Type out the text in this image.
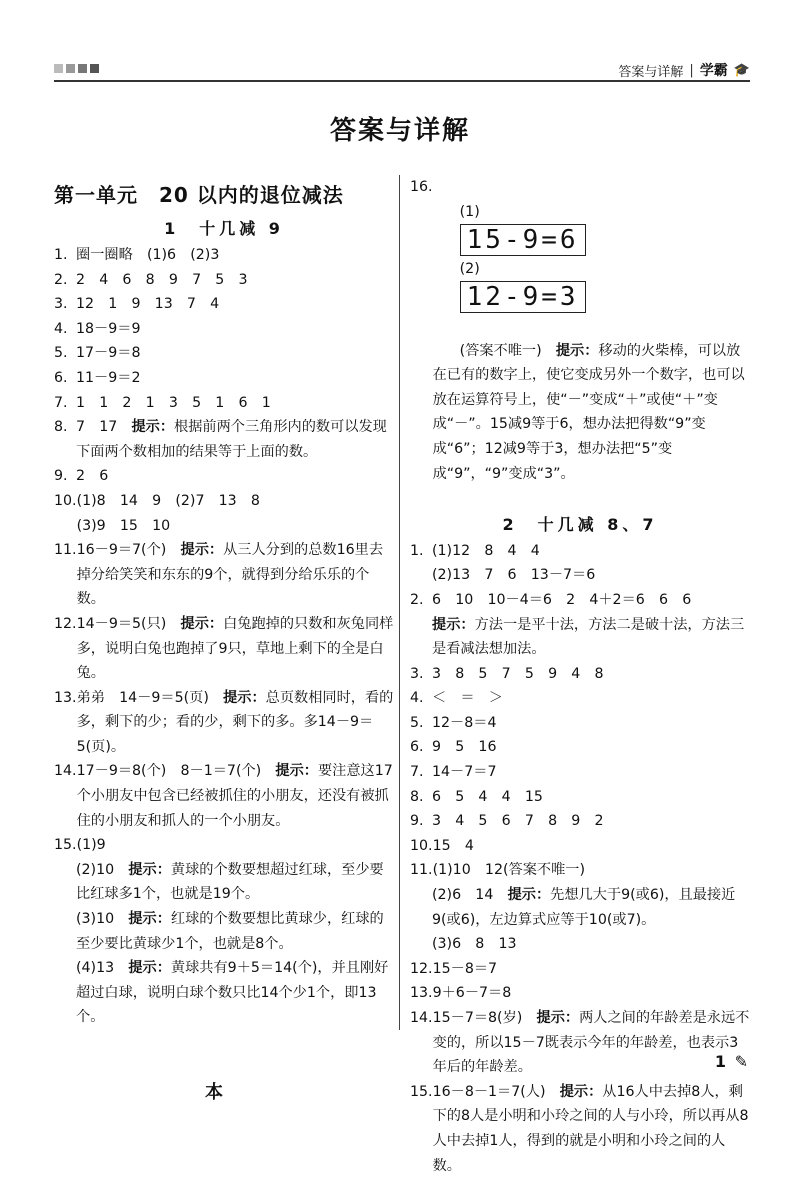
答案与详解 | 学霸 🎓
答案与详解
第一单元　20 以内的退位减法
1　十几减 9
1. 圈一圈略　(1)6　(2)3
2. 2　4　6　8　9　7　5　3
3. 12　1　9　13　7　4
4. 18－9＝9
5. 17－9＝8
6. 11－9＝2
7. 1　1　2　1　3　5　1　6　1
8. 7　17　提示：根据前两个三角形内的数可以发现下面两个数相加的结果等于上面的数。
9. 2　6
10. (1)8　14　9　(2)7　13　8
(3)9　15　10
11. 16－9＝7(个)　提示：从三人分到的总数16里去掉分给笑笑和东东的9个，就得到分给乐乐的个数。
12. 14－9＝5(只)　提示：白兔跑掉的只数和灰兔同样多，说明白兔也跑掉了9只，草地上剩下的全是白兔。
13. 弟弟　14－9＝5(页)　提示：总页数相同时，看的多，剩下的少；看的少，剩下的多。多14－9＝5(页)。
14. 17－9＝8(个)　8－1＝7(个)　提示：要注意这17个小朋友中包含已经被抓住的小朋友，还没有被抓住的小朋友和抓人的一个小朋友。
15. (1)9
(2)10　提示：黄球的个数要想超过红球，至少要比红球多1个，也就是19个。
(3)10　提示：红球的个数要想比黄球少，红球的至少要比黄球少1个，也就是8个。
(4)13　提示：黄球共有9＋5＝14(个)，并且刚好超过白球，说明白球个数只比14个少1个，即13个。
16.

(1)
15-9=6
(2)
12-9=3

(答案不唯一)　提示：移动的火柴棒，可以放在已有的数字上，使它变成另外一个数字，也可以放在运算符号上，使“－”变成“＋”或使“＋”变成“－”。15减9等于6，想办法把得数“9”变成“6”；12减9等于3，想办法把“5”变成“9”，“9”变成“3”。

2　十几减 8、7
1. (1)12　8　4　4
(2)13　7　6　13－7＝6
2. 6　10　10－4＝6　2　4＋2＝6　6　6
提示：方法一是平十法，方法二是破十法，方法三是看减法想加法。
3. 3　8　5　7　5　9　4　8
4. ＜　＝　＞
5. 12－8＝4
6. 9　5　16
7. 14－7＝7
8. 6　5　4　4　15
9. 3　4　5　6　7　8　9　2
10. 15　4
11. (1)10　12(答案不唯一)
(2)6　14　提示：先想几大于9(或6)，且最接近9(或6)，左边算式应等于10(或7)。
(3)6　8　13
12. 15－8＝7
13. 9＋6－7＝8
14. 15－7＝8(岁)　提示：两人之间的年龄差是永远不变的，所以15－7既表示今年的年龄差，也表示3年后的年龄差。
15. 16－8－1＝7(人)　提示：从16人中去掉8人，剩下的8人是小明和小玲之间的人与小玲，所以再从8人中去掉1人，得到的就是小明和小玲之间的人数。
1 ✎
本
